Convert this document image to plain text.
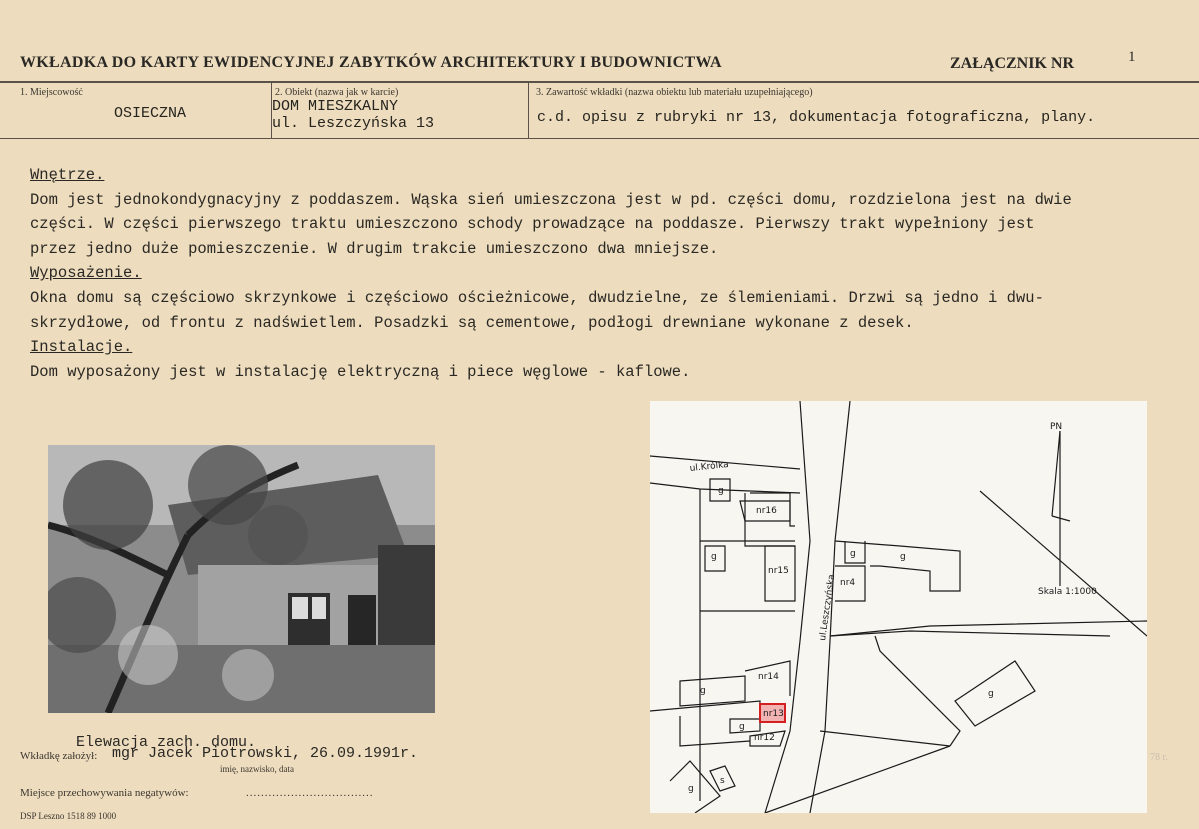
WKŁADKA DO KARTY EWIDENCYJNEJ ZABYTKÓW ARCHITEKTURY I BUDOWNICTWA	ZAŁĄCZNIK NR	1
1. Miejscowość
OSIECZNA
2. Obiekt (nazwa jak w karcie)
DOM MIESZKALNY
ul. Leszczyńska 13
3. Zawartość wkładki (nazwa obiektu lub materiału uzupełniającego)
c.d. opisu z rubryki nr 13, dokumentacja fotograficzna, plany.
Wnętrze.
Dom jest jednokondygnacyjny z poddaszem. Wąska sień umieszczona jest w pd. części domu, rozdzielona jest na dwie
części. W części pierwszego traktu umieszczono schody prowadzące na poddasze. Pierwszy trakt wypełniony jest
przez jedno duże pomieszczenie. W drugim trakcie umieszczono dwa mniejsze.
Wyposażenie.
Okna domu są częściowo skrzynkowe i częściowo ościeżnicowe, dwudzielne, ze ślemieniami. Drzwi są jedno i dwu-
skrzydłowe, od frontu z nadświetlem. Posadzki są cementowe, podłogi drewniane wykonane z desek.
Instalacje.
Dom wyposażony jest w instalację elektryczną i piece węglowe - kaflowe.
Elewacja zach. domu.
PN
Skala 1:1000
ul.Królka
ul.Leszczyńska
nr16
nr15
nr4
nr14
nr13
nr12
g
g	g	g
g	g
g
g
s
Wkładkę założył: mgr Jacek Piotrowski, 26.09.1991r.
imię, nazwisko, data
78 r.
Miejsce przechowywania negatywów:	..................................
DSP Leszno 1518 89 1000
